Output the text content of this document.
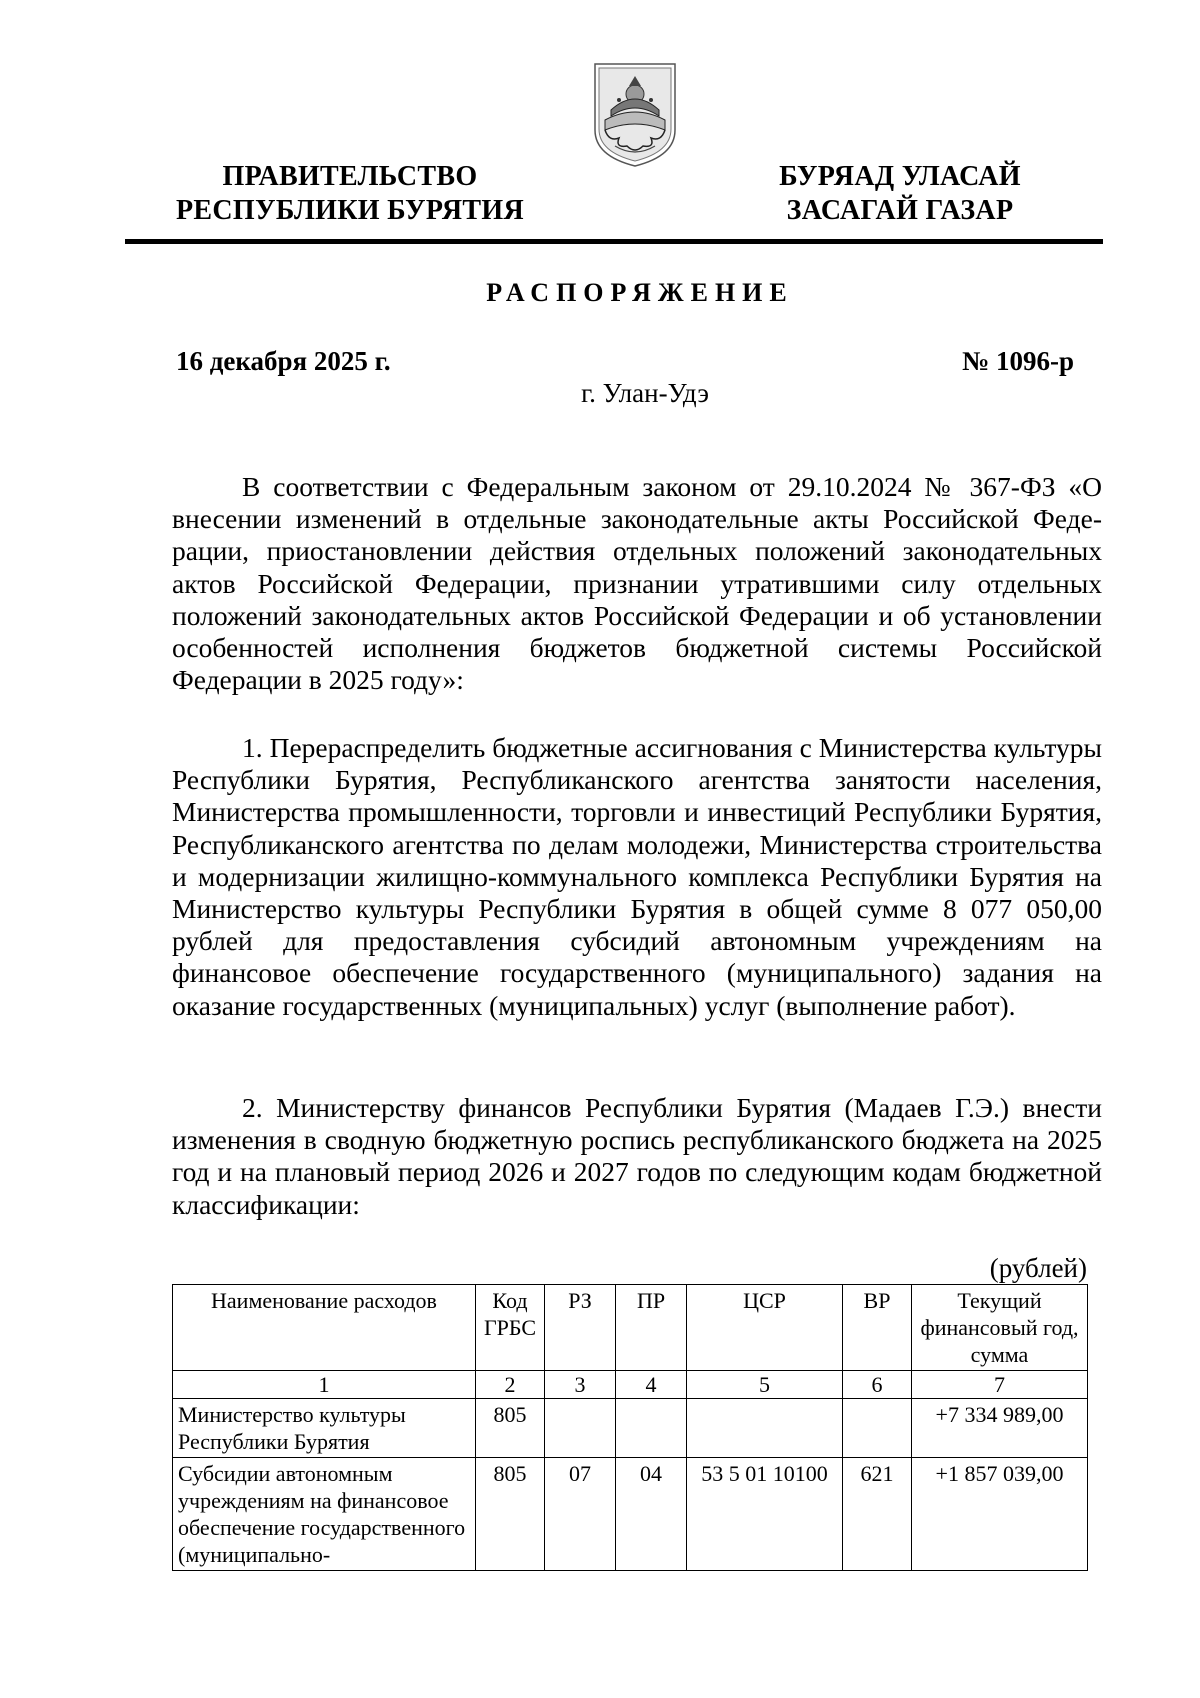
ПРАВИТЕЛЬСТВО
РЕСПУБЛИКИ БУРЯТИЯ
БУРЯАД УЛАСАЙ
ЗАСАГАЙ ГАЗАР
РАСПОРЯЖЕНИЕ
16 декабря 2025 г.	№ 1096-р
г. Улан-Удэ

В соответствии с Федеральным законом от 29.10.2024 № 367-ФЗ «О внесении изменений в отдельные законодательные акты Российской Федерации, приостановлении действия отдельных положений законодательных актов Российской Федерации, признании утратившими силу отдельных положений законодательных актов Российской Федерации и об установлении особенностей исполнения бюджетов бюджетной системы Российской Федерации в 2025 году»:

1. Перераспределить бюджетные ассигнования с Министерства культуры Республики Бурятия, Республиканского агентства занятости населения, Министерства промышленности, торговли и инвестиций Республики Бурятия, Республиканского агентства по делам молодежи, Министерства строительства и модернизации жилищно-коммунального комплекса Республики Бурятия на Министерство культуры Республики Бурятия в общей сумме 8 077 050,00 рублей для предоставления субсидий автономным учреждениям на финансовое обеспечение государственного (муниципального) задания на оказание государственных (муниципальных) услуг (выполнение работ).

2. Министерству финансов Республики Бурятия (Мадаев Г.Э.) внести изменения в сводную бюджетную роспись республиканского бюджета на 2025 год и на плановый период 2026 и 2027 годов по следующим кодам бюджетной классификации:

(рублей)
Наименование расходов	Код ГРБС	РЗ	ПР	ЦСР	ВР	Текущий финансовый год, сумма
1	2	3	4	5	6	7
Министерство культуры Республики Бурятия	805					+7 334 989,00
Субсидии автономным учреждениям на финансовое обеспечение государственного (муниципально-	805	07	04	53 5 01 10100	621	+1 857 039,00
